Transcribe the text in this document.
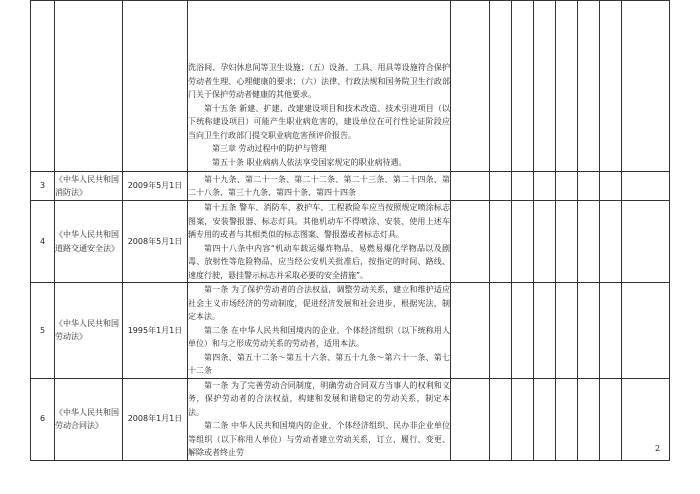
			洗浴间、孕妇休息间等卫生设施；（五）设备、工具、用具等设施符合保护劳动者生理、心理健康的要求；（六）法律、行政法规和国务院卫生行政部门关于保护劳动者健康的其他要求。

第十五条 新建、扩建、改建建设项目和技术改造、技术引进项目（以下统称建设项目）可能产生职业病危害的，建设单位在可行性论证阶段应当向卫生行政部门提交职业病危害预评价报告。

第三章 劳动过程中的防护与管理

第五十条 职业病病人依法享受国家规定的职业病待遇。								

3	《中华人民共和国消防法》	2009年5月1日	第十九条、第二十一条、第二十二条、第二十三条、第二十四条、第二十八条、第三十九条、第四十条、第四十四条								

4	《中华人民共和国道路交通安全法》	2008年5月1日	第十五条 警车、消防车、救护车、工程救险车应当按照规定喷涂标志图案，安装警报器、标志灯具。其他机动车不得喷涂、安装、使用上述车辆专用的或者与其相类似的标志图案、警报器或者标志灯具。

第四十八条中内容“机动车载运爆炸物品、易燃易爆化学物品以及剧毒、放射性等危险物品，应当经公安机关批准后，按指定的时间、路线、速度行驶，悬挂警示标志并采取必要的安全措施”。								

5	《中华人民共和国劳动法》	1995年1月1日	第一条 为了保护劳动者的合法权益，调整劳动关系，建立和维护适应社会主义市场经济的劳动制度，促进经济发展和社会进步，根据宪法，制定本法。

第二条 在中华人民共和国境内的企业、个体经济组织（以下统称用人单位）和与之形成劳动关系的劳动者，适用本法。

第四条、第五十二条～第五十六条、第五十九条～第六十一条、第七十二条								

6	《中华人民共和国劳动合同法》	2008年1月1日	第一条 为了完善劳动合同制度，明确劳动合同双方当事人的权利和义务，保护劳动者的合法权益，构建和发展和谐稳定的劳动关系，制定本法。

第二条 中华人民共和国境内的企业、个体经济组织、民办非企业单位等组织（以下称用人单位）与劳动者建立劳动关系，订立、履行、变更、解除或者终止劳								

									2
